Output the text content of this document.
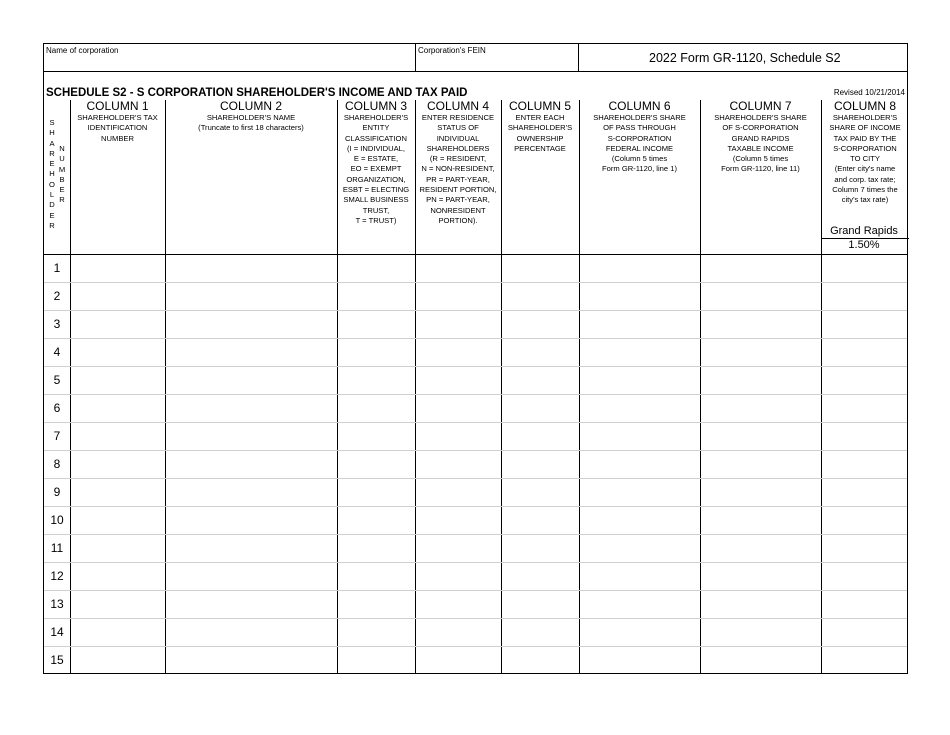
Name of corporation	Corporation's FEIN
2022 Form GR-1120, Schedule S2
SCHEDULE S2 - S CORPORATION SHAREHOLDER'S INCOME AND TAX PAID	Revised 10/21/2014
Grand Rapids
1.50%
COLUMN 1
SHAREHOLDER'S TAX
IDENTIFICATION
NUMBER
COLUMN 2
SHAREHOLDER'S NAME
(Truncate to first 18 characters)
COLUMN 3
SHAREHOLDER'S
ENTITY
CLASSIFICATION
(I = INDIVIDUAL,
E = ESTATE,
EO = EXEMPT
ORGANIZATION,
ESBT = ELECTING
SMALL BUSINESS
TRUST,
T = TRUST)
COLUMN 4
ENTER RESIDENCE
STATUS OF
INDIVIDUAL
SHAREHOLDERS
(R = RESIDENT,
N = NON-RESIDENT,
PR = PART-YEAR,
RESIDENT PORTION,
PN = PART-YEAR,
NONRESIDENT
PORTION).
COLUMN 5
ENTER EACH
SHAREHOLDER'S
OWNERSHIP
PERCENTAGE
COLUMN 6
SHAREHOLDER'S SHARE
OF PASS THROUGH
S-CORPORATION
FEDERAL INCOME
(Column 5 times
Form GR-1120, line 1)
COLUMN 7
SHAREHOLDER'S SHARE
OF S-CORPORATION
GRAND RAPIDS
TAXABLE INCOME
(Column 5 times
Form GR-1120, line 11)
COLUMN 8
SHAREHOLDER'S
SHARE OF INCOME
TAX PAID BY THE
S-CORPORATION
TO CITY
(Enter city's name
and corp. tax rate;
Column 7 times the
city's tax rate)
S
H
A
R
E
H
O
L
D
E
R
N
U
M
B
E
R
1
2
3
4
5
6
7
8
9
10
11
12
13
14
15
